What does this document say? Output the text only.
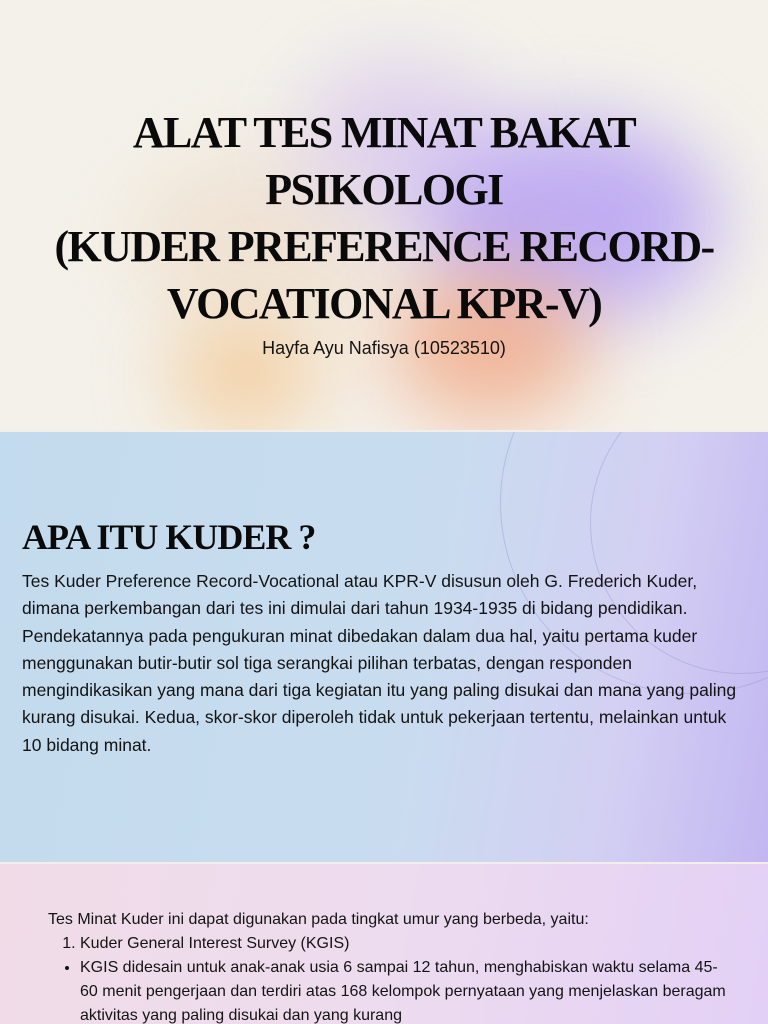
ALAT TES MINAT BAKAT
PSIKOLOGI
(KUDER PREFERENCE RECORD-
VOCATIONAL KPR-V)
Hayfa Ayu Nafisya (10523510)
APA ITU KUDER ?

Tes Kuder Preference Record-Vocational atau KPR-V disusun oleh G. Frederich Kuder, dimana perkembangan dari tes ini dimulai dari tahun 1934-1935 di bidang pendidikan. Pendekatannya pada pengukuran minat dibedakan dalam dua hal, yaitu pertama kuder menggunakan butir-butir sol tiga serangkai pilihan terbatas, dengan responden mengindikasikan yang mana dari tiga kegiatan itu yang paling disukai dan mana yang paling kurang disukai. Kedua, skor-skor diperoleh tidak untuk pekerjaan tertentu, melainkan untuk 10 bidang minat.

Tes Minat Kuder ini dapat digunakan pada tingkat umur yang berbeda, yaitu:

1. Kuder General Interest Survey (KGIS)
• KGIS didesain untuk anak-anak usia 6 sampai 12 tahun, menghabiskan waktu selama 45-60 menit pengerjaan dan terdiri atas 168 kelompok pernyataan yang menjelaskan beragam aktivitas yang paling disukai dan yang kurang
